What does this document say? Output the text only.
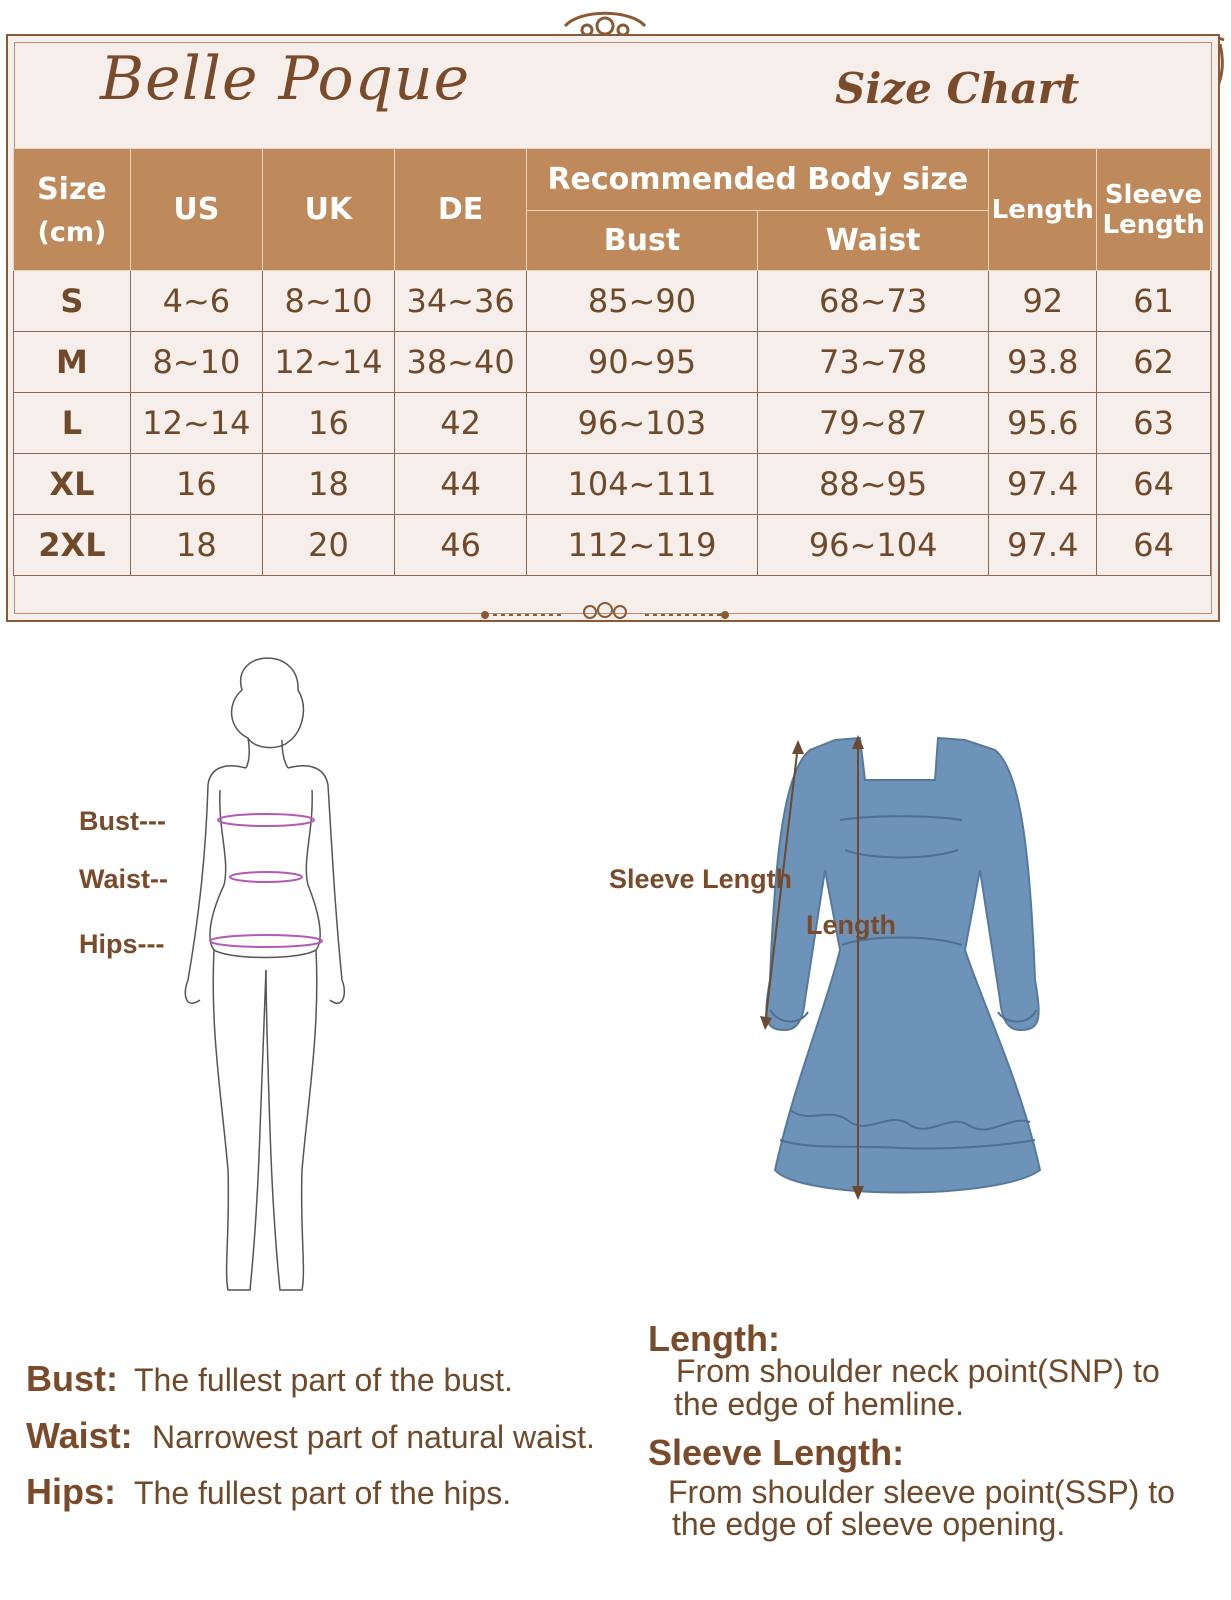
Belle Poque	Size Chart
Size
(cm)	US	UK	DE	Recommended Body size		Length	Sleeve
Length
				Bust	Waist		
S	4~6	8~10	34~36	85~90	68~73	92	61
M	8~10	12~14	38~40	90~95	73~78	93.8	62
L	12~14	16	42	96~103	79~87	95.6	63
XL	16	18	44	104~111	88~95	97.4	64
2XL	18	20	46	112~119	96~104	97.4	64
Bust---
Waist--
Hips---
Sleeve Length
Length
Bust: The fullest part of the bust.
Waist: Narrowest part of natural waist.
Hips: The fullest part of the hips.
Length:
From shoulder neck point(SNP) to
the edge of hemline.
Sleeve Length:
From shoulder sleeve point(SSP) to
the edge of sleeve opening.
